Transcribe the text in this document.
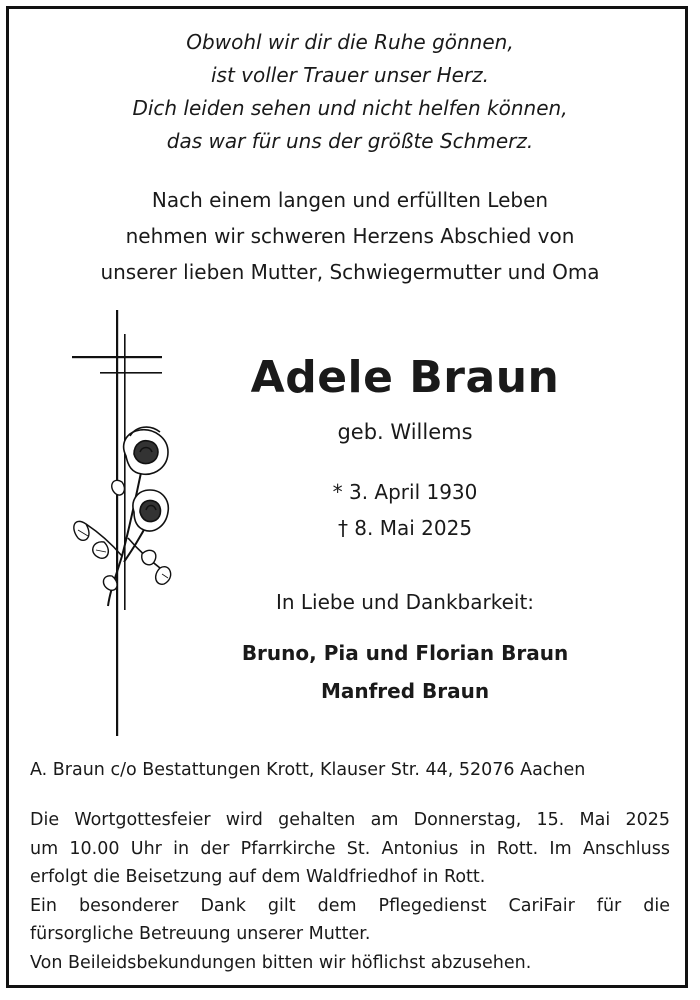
Obwohl wir dir die Ruhe gönnen,
ist voller Trauer unser Herz.
Dich leiden sehen und nicht helfen können,
das war für uns der größte Schmerz.
Nach einem langen und erfüllten Leben
nehmen wir schweren Herzens Abschied von
unserer lieben Mutter, Schwiegermutter und Oma
Adele Braun
geb. Willems
* 3. April 1930
† 8. Mai 2025
In Liebe und Dankbarkeit:
Bruno, Pia und Florian Braun
Manfred Braun
A. Braun c/o Bestattungen Krott, Klauser Str. 44, 52076 Aachen
Die Wortgottesfeier wird gehalten am Donnerstag, 15. Mai 2025
um 10.00 Uhr in der Pfarrkirche St. Antonius in Rott. Im Anschluss
erfolgt die Beisetzung auf dem Waldfriedhof in Rott.
Ein besonderer Dank gilt dem Pflegedienst CariFair für die
fürsorgliche Betreuung unserer Mutter.
Von Beileidsbekundungen bitten wir höflichst abzusehen.
